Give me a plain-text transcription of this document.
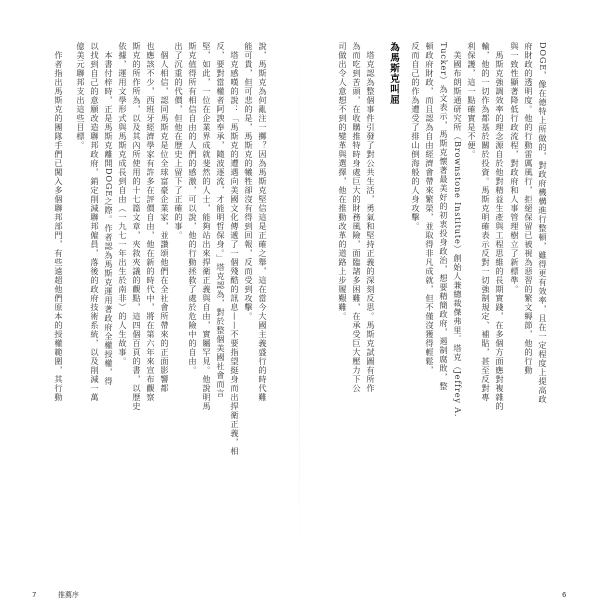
DOGE，像在德特上所做的，對政府機構進行整頓，雖得更有效率，且在一定程度上提高政
府財政的透明度。他的行動雷厲風行，拒絕保留已被視為惡習的繁文縟節，他的行動
與一致性顯著降低行政流程，對政府和人事管理樹立了新標準。
馬斯克強調效率的理念源自於他對精益生產與工程思維的長期實踐，在多個方面應對複雜的
輸，他的一切作為都基於關於投資。馬斯克明確表示反對一切強制規定、補貼，甚至反對專
利保護，這一點確實是不便。
美國布朗斯通研究所（Brownstone Institute）創始人兼總裁傑弗里．塔克（Jeffrey A.
Tucker）為文表示，馬斯克懷著最美好的初衷投身政治，想要精簡政府，遏制腐敗，整
頓政府財政，而且認為自由經濟會帶來繁榮，並取得非凡成就，但不僅沒獲得輕鬆，
反而自己的作為遭受了排山倒海般的人身攻擊。
為馬斯克叫屈
塔克認為整個事件引發了對公共生活，勇氣和堅持正義的深刻反思。馬斯克試圖有所作
為而吃到苦頭，在收購推特時身處巨大的財務風險，面臨諸多困難，在承受巨大壓力下公
司做出令人意想不到的變革與選擇，他在推動改革的道路上步履艱難。
說，馬斯克為何亂注一擲？因為馬斯克堅信這是正確之舉，這在當今大國主義盛行的時代難
能可貴，但可悲的是，馬斯克的犧牲卻沒有得到回報，反而受到攻擊。
塔克感嘆的說：「馬斯克的遭遇向美國文化傳遞了一個殘酷的訊息——不要指望挺身而出捍衛正義，相
反，要對當權者阿諛奉承，隨波逐流，才能明哲保身。」塔克認為，對於整個美國社會而言
堅，如此，一位在企業界成就斐然的人士，能夠站出來捍衛正義與自由，實屬罕見。他說明馬
斯克值得所有相信自由的人們的感激，可以說，他的行動拯救了處於危險中的自由。
出了沉重的代價，但他在歷史上留下了正確的事。
個人相信，認同馬斯克是位全球富豪企業家，並讚頌他們在全社會所帶來的正面影響都
也應該不少，西班牙經濟學家有許多在評價自由，他在新的時代中，將在第六年來宣布觀察
斯克的所作所為，以及其內所使用的十七篇文章，夾敘夾議的觀點，這四個百頁的書，以歷史
依據，運用文學形式與馬斯克成長到自由（一九七一年出生於南非）的人生故事。
本書付梓時，正是馬斯克離開DOGE之際。作者認為馬斯克運用著政府全權授權，得
以找到自己的意願改造聯邦政府，銷定削減聯邦僱員，落後的政府技術系統，以及削減一萬
億美元聯邦支出這些目標。
作者指出馬斯克的團隊手們已闖入多個聯邦部門，有些遠超他們原本的授權範圍，其行動
7	推薦序	6
